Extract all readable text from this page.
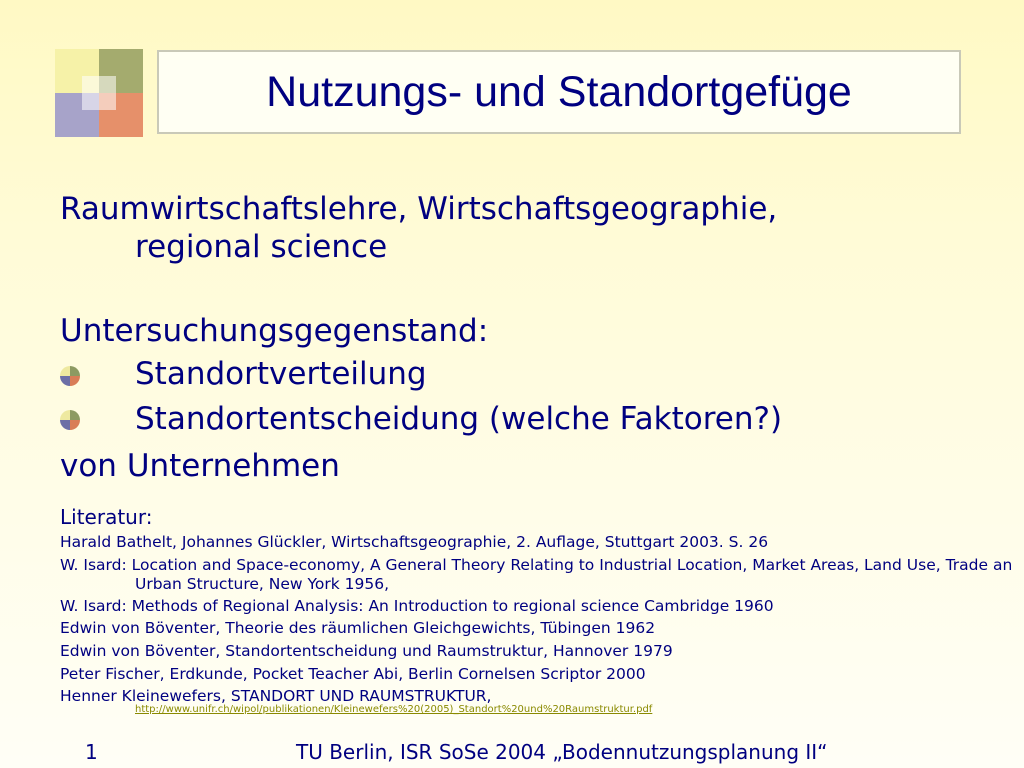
Nutzungs- und Standortgefüge
Raumwirtschaftslehre, Wirtschaftsgeographie,
regional science
Untersuchungsgegenstand:
Standortverteilung
Standortentscheidung (welche Faktoren?)
von Unternehmen
Literatur:
Harald Bathelt, Johannes Glückler, Wirtschaftsgeographie, 2. Auflage, Stuttgart 2003. S. 26
W. Isard: Location and Space-economy, A General Theory Relating to Industrial Location, Market Areas, Land Use, Trade an
Urban Structure, New York 1956,
W. Isard: Methods of Regional Analysis: An Introduction to regional science Cambridge 1960
Edwin von Böventer, Theorie des räumlichen Gleichgewichts, Tübingen 1962
Edwin von Böventer, Standortentscheidung und Raumstruktur, Hannover 1979
Peter Fischer, Erdkunde, Pocket Teacher Abi, Berlin Cornelsen Scriptor 2000
Henner Kleinewefers, STANDORT UND RAUMSTRUKTUR,
http://www.unifr.ch/wipol/publikationen/Kleinewefers%20(2005)_Standort%20und%20Raumstruktur.pdf
1	TU Berlin, ISR SoSe 2004 „Bodennutzungsplanung II“
